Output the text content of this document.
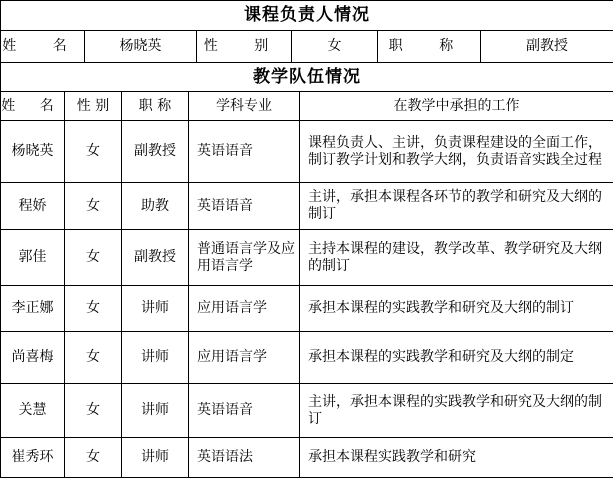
课程负责人情况
姓 名	杨晓英	性 别	女	职 称	副教授
教学队伍情况				
姓 名	性 别	职 称	学科专业	在教学中承担的工作
杨晓英	女	副教授	英语语音	课程负责人、主讲，负责课程建设的全面工作，制订教学计划和教学大纲，负责语音实践全过程
程娇	女	助教	英语语音	主讲，承担本课程各环节的教学和研究及大纲的制订
郭佳	女	副教授	普通语言学及应用语言学	主持本课程的建设，教学改革、教学研究及大纲的制订
李正娜	女	讲师	应用语言学	承担本课程的实践教学和研究及大纲的制订
尚喜梅	女	讲师	应用语言学	承担本课程的实践教学和研究及大纲的制定
关慧	女	讲师	英语语音	主讲，承担本课程的实践教学和研究及大纲的制订
崔秀环	女	讲师	英语语法	承担本课程实践教学和研究
